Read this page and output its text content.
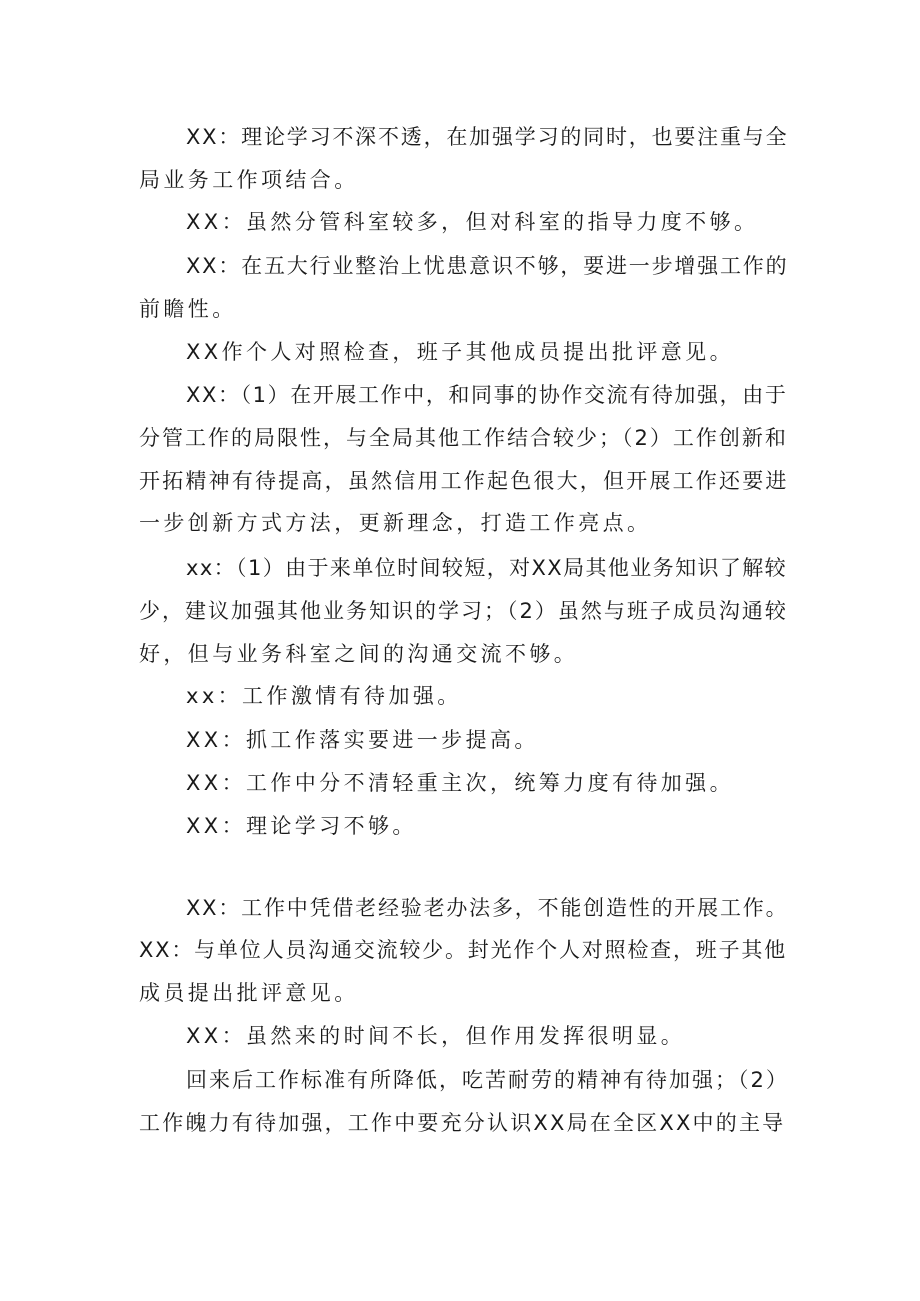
XX：理论学习不深不透，在加强学习的同时，也要注重与全

局业务工作项结合。

XX：虽然分管科室较多，但对科室的指导力度不够。

XX：在五大行业整治上忧患意识不够，要进一步增强工作的

前瞻性。

XX作个人对照检查，班子其他成员提出批评意见。

XX：（1）在开展工作中，和同事的协作交流有待加强，由于

分管工作的局限性，与全局其他工作结合较少；（2）工作创新和

开拓精神有待提高，虽然信用工作起色很大，但开展工作还要进

一步创新方式方法，更新理念，打造工作亮点。

xx：（1）由于来单位时间较短，对XX局其他业务知识了解较

少，建议加强其他业务知识的学习；（2）虽然与班子成员沟通较

好，但与业务科室之间的沟通交流不够。

xx：工作激情有待加强。

XX：抓工作落实要进一步提高。

XX：工作中分不清轻重主次，统筹力度有待加强。

XX：理论学习不够。

XX：工作中凭借老经验老办法多，不能创造性的开展工作。

XX：与单位人员沟通交流较少。封光作个人对照检查，班子其他

成员提出批评意见。

XX：虽然来的时间不长，但作用发挥很明显。

回来后工作标准有所降低，吃苦耐劳的精神有待加强；（2）

工作魄力有待加强，工作中要充分认识XX局在全区XX中的主导
